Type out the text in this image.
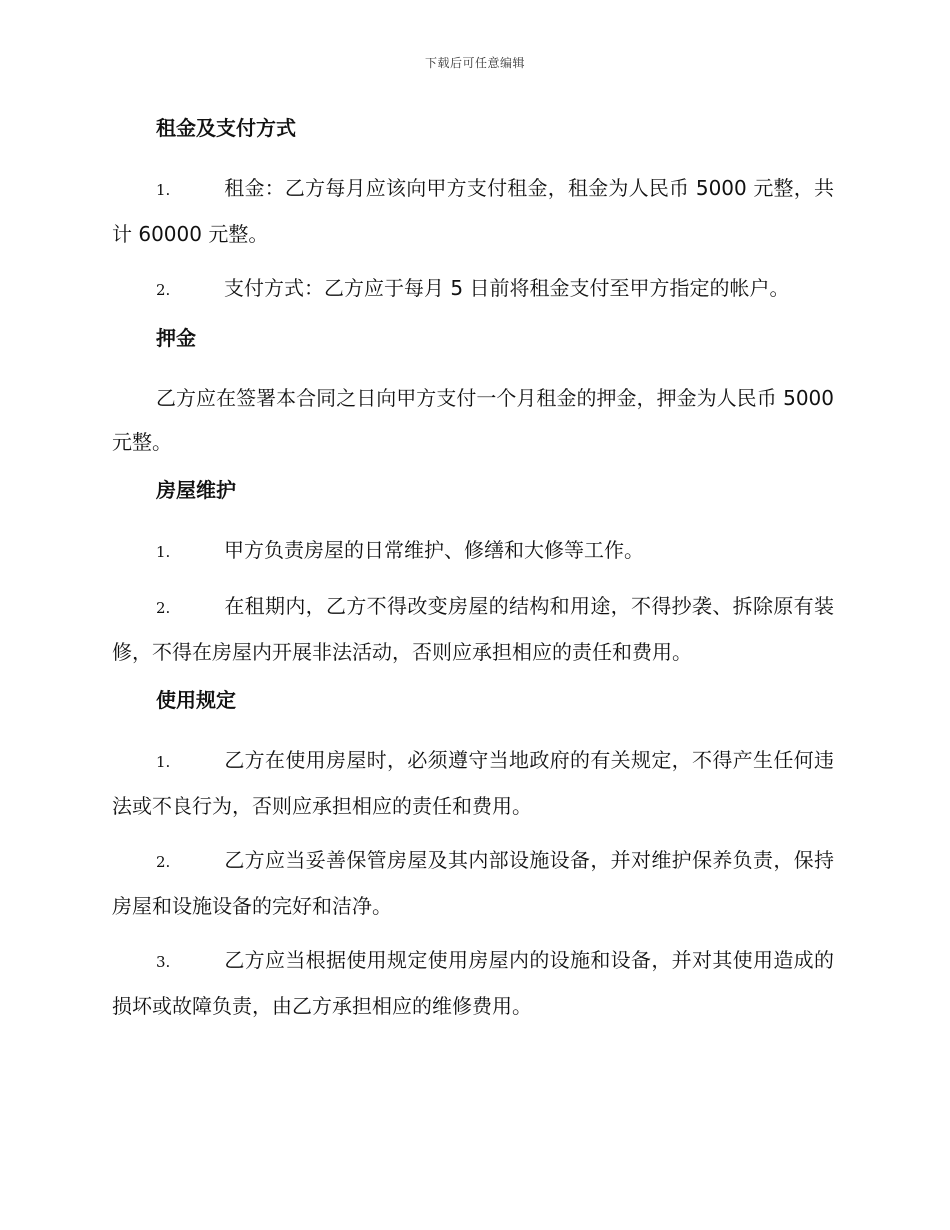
下载后可任意编辑
租金及支付方式

1.	租金：乙方每月应该向甲方支付租金，租金为人民币 5000 元整，共计 60000 元整。

2.	支付方式：乙方应于每月 5 日前将租金支付至甲方指定的帐户。

押金

乙方应在签署本合同之日向甲方支付一个月租金的押金，押金为人民币 5000 元整。

房屋维护

1.	甲方负责房屋的日常维护、修缮和大修等工作。

2.	在租期内，乙方不得改变房屋的结构和用途，不得抄袭、拆除原有装修，不得在房屋内开展非法活动，否则应承担相应的责任和费用。

使用规定

1.	乙方在使用房屋时，必须遵守当地政府的有关规定，不得产生任何违法或不良行为，否则应承担相应的责任和费用。

2.	乙方应当妥善保管房屋及其内部设施设备，并对维护保养负责，保持房屋和设施设备的完好和洁净。

3.	乙方应当根据使用规定使用房屋内的设施和设备，并对其使用造成的损坏或故障负责，由乙方承担相应的维修费用。
